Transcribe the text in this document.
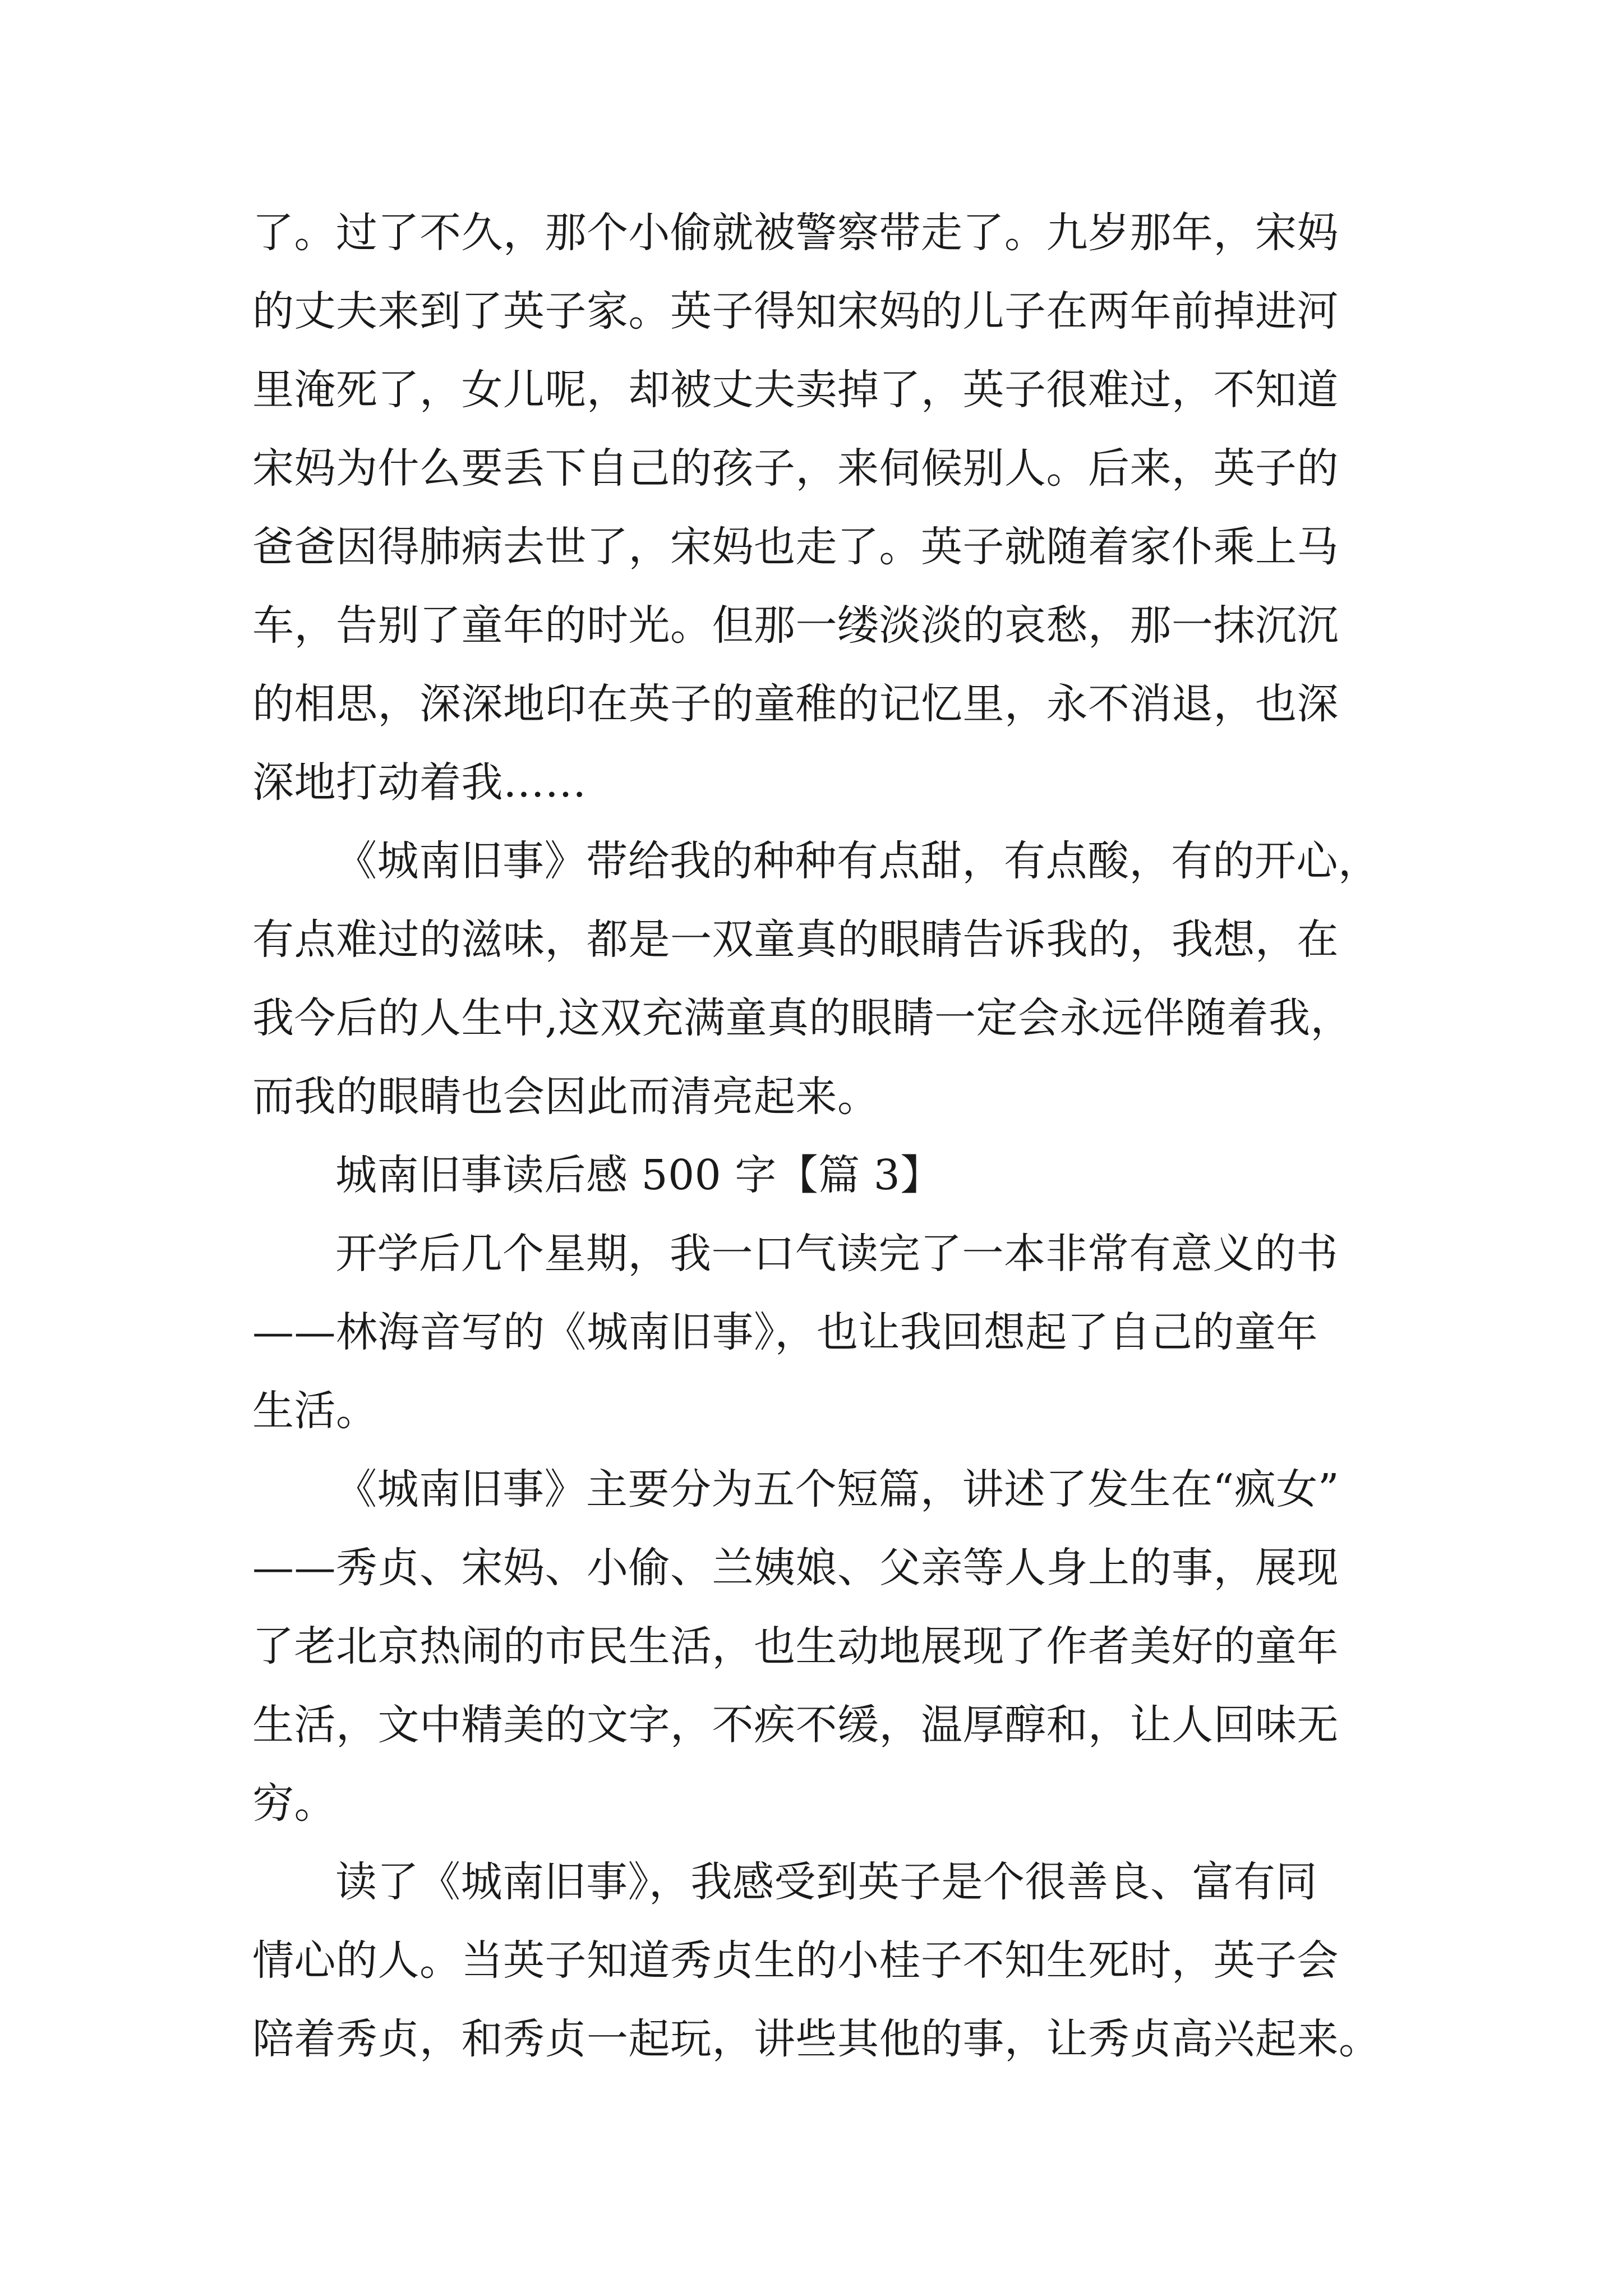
了。过了不久，那个小偷就被警察带走了。九岁那年，宋妈

的丈夫来到了英子家。英子得知宋妈的儿子在两年前掉进河

里淹死了，女儿呢，却被丈夫卖掉了，英子很难过，不知道

宋妈为什么要丢下自己的孩子，来伺候别人。后来，英子的

爸爸因得肺病去世了，宋妈也走了。英子就随着家仆乘上马

车，告别了童年的时光。但那一缕淡淡的哀愁，那一抹沉沉

的相思，深深地印在英子的童稚的记忆里，永不消退，也深

深地打动着我……

《城南旧事》带给我的种种有点甜，有点酸，有的开心，

有点难过的滋味，都是一双童真的眼睛告诉我的，我想，在

我今后的人生中,这双充满童真的眼睛一定会永远伴随着我，

而我的眼睛也会因此而清亮起来。

城南旧事读后感 500 字【篇 3】

开学后几个星期，我一口气读完了一本非常有意义的书

——林海音写的《城南旧事》，也让我回想起了自己的童年

生活。

《城南旧事》主要分为五个短篇，讲述了发生在“疯女”

——秀贞、宋妈、小偷、兰姨娘、父亲等人身上的事，展现

了老北京热闹的市民生活，也生动地展现了作者美好的童年

生活，文中精美的文字，不疾不缓，温厚醇和，让人回味无

穷。

读了《城南旧事》，我感受到英子是个很善良、富有同

情心的人。当英子知道秀贞生的小桂子不知生死时，英子会

陪着秀贞，和秀贞一起玩，讲些其他的事，让秀贞高兴起来。
